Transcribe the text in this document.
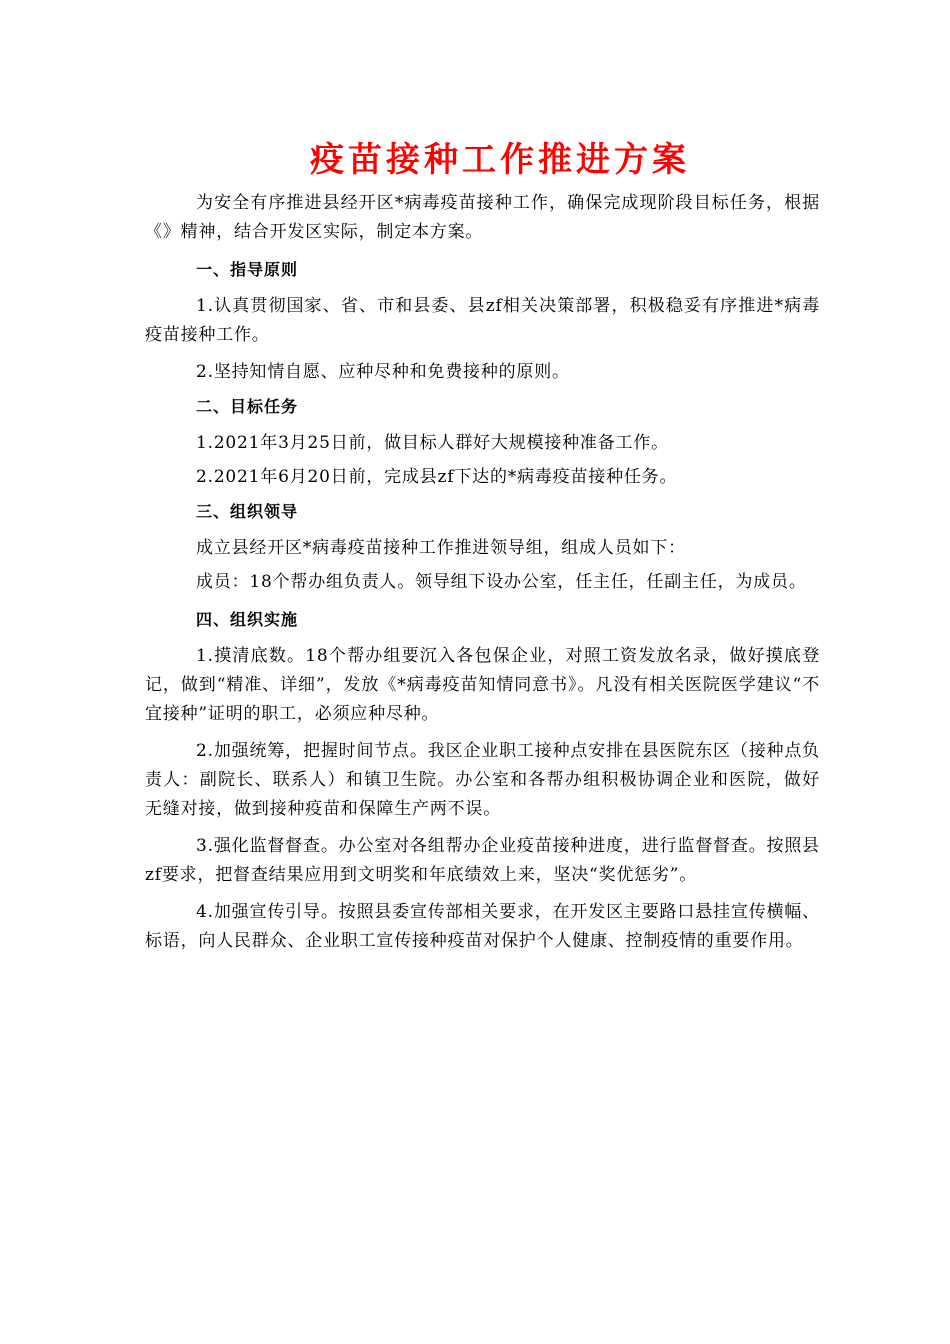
疫苗接种工作推进方案

为安全有序推进县经开区*病毒疫苗接种工作，确保完成现阶段目标任务，根据《》精神，结合开发区实际，制定本方案。

一、指导原则

1.认真贯彻国家、省、市和县委、县zf相关决策部署，积极稳妥有序推进*病毒疫苗接种工作。

2.坚持知情自愿、应种尽种和免费接种的原则。

二、目标任务

1.2021年3月25日前，做目标人群好大规模接种准备工作。

2.2021年6月20日前，完成县zf下达的*病毒疫苗接种任务。

三、组织领导

成立县经开区*病毒疫苗接种工作推进领导组，组成人员如下：

成员：18个帮办组负责人。领导组下设办公室，任主任，任副主任，为成员。

四、组织实施

1.摸清底数。18个帮办组要沉入各包保企业，对照工资发放名录，做好摸底登记，做到“精准、详细”，发放《*病毒疫苗知情同意书》。凡没有相关医院医学建议“不宜接种”证明的职工，必须应种尽种。

2.加强统筹，把握时间节点。我区企业职工接种点安排在县医院东区（接种点负责人：副院长、联系人）和镇卫生院。办公室和各帮办组积极协调企业和医院，做好无缝对接，做到接种疫苗和保障生产两不误。

3.强化监督督查。办公室对各组帮办企业疫苗接种进度，进行监督督查。按照县zf要求，把督查结果应用到文明奖和年底绩效上来，坚决“奖优惩劣”。

4.加强宣传引导。按照县委宣传部相关要求，在开发区主要路口悬挂宣传横幅、标语，向人民群众、企业职工宣传接种疫苗对保护个人健康、控制疫情的重要作用。
